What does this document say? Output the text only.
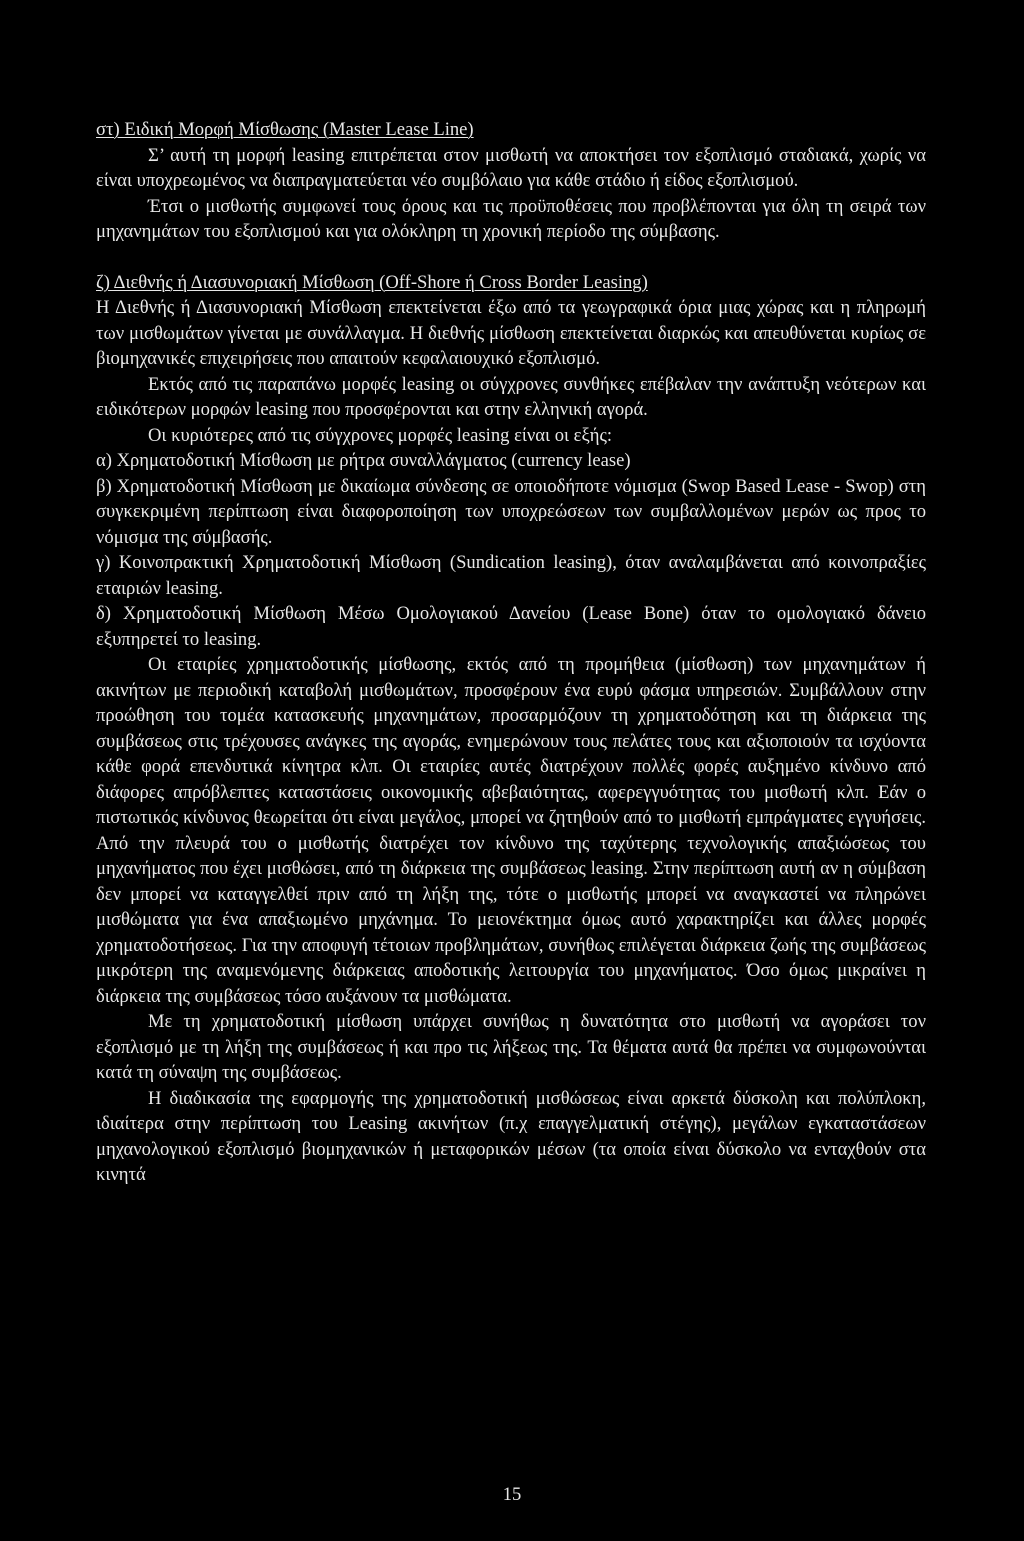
στ) Ειδική Μορφή Μίσθωσης (Master Lease Line)

Σ’ αυτή τη μορφή leasing επιτρέπεται στον μισθωτή να αποκτήσει τον εξοπλισμό σταδιακά, χωρίς να είναι υποχρεωμένος να διαπραγματεύεται νέο συμβόλαιο για κάθε στάδιο ή είδος εξοπλισμού.

Έτσι ο μισθωτής συμφωνεί τους όρους και τις προϋποθέσεις που προβλέπονται για όλη τη σειρά των μηχανημάτων του εξοπλισμού και για ολόκληρη τη χρονική περίοδο της σύμβασης.

ζ) Διεθνής ή Διασυνοριακή Μίσθωση (Off-Shore ή Cross Border Leasing)

Η Διεθνής ή Διασυνοριακή Μίσθωση επεκτείνεται έξω από τα γεωγραφικά όρια μιας χώρας και η πληρωμή των μισθωμάτων γίνεται με συνάλλαγμα. Η διεθνής μίσθωση επεκτείνεται διαρκώς και απευθύνεται κυρίως σε βιομηχανικές επιχειρήσεις που απαιτούν κεφαλαιουχικό εξοπλισμό.

Εκτός από τις παραπάνω μορφές leasing οι σύγχρονες συνθήκες επέβαλαν την ανάπτυξη νεότερων και ειδικότερων μορφών leasing που προσφέρονται και στην ελληνική αγορά.

Οι κυριότερες από τις σύγχρονες μορφές leasing είναι οι εξής:

α) Χρηματοδοτική Μίσθωση με ρήτρα συναλλάγματος (currency lease)

β) Χρηματοδοτική Μίσθωση με δικαίωμα σύνδεσης σε οποιοδήποτε νόμισμα (Swop Based Lease - Swop) στη συγκεκριμένη περίπτωση είναι διαφοροποίηση των υποχρεώσεων των συμβαλλομένων μερών ως προς το νόμισμα της σύμβασής.

γ) Κοινοπρακτική Χρηματοδοτική Μίσθωση (Sundication leasing), όταν αναλαμβάνεται από κοινοπραξίες εταιριών leasing.

δ) Χρηματοδοτική Μίσθωση Μέσω Ομολογιακού Δανείου (Lease Bone) όταν το ομολογιακό δάνειο εξυπηρετεί το leasing.

Οι εταιρίες χρηματοδοτικής μίσθωσης, εκτός από τη προμήθεια (μίσθωση) των μηχανημάτων ή ακινήτων με περιοδική καταβολή μισθωμάτων, προσφέρουν ένα ευρύ φάσμα υπηρεσιών. Συμβάλλουν στην προώθηση του τομέα κατασκευής μηχανημάτων, προσαρμόζουν τη χρηματοδότηση και τη διάρκεια της συμβάσεως στις τρέχουσες ανάγκες της αγοράς, ενημερώνουν τους πελάτες τους και αξιοποιούν τα ισχύοντα κάθε φορά επενδυτικά κίνητρα κλπ. Οι εταιρίες αυτές διατρέχουν πολλές φορές αυξημένο κίνδυνο από διάφορες απρόβλεπτες καταστάσεις οικονομικής αβεβαιότητας, αφερεγγυότητας του μισθωτή κλπ. Εάν ο πιστωτικός κίνδυνος θεωρείται ότι είναι μεγάλος, μπορεί να ζητηθούν από το μισθωτή εμπράγματες εγγυήσεις. Από την πλευρά του ο μισθωτής διατρέχει τον κίνδυνο της ταχύτερης τεχνολογικής απαξιώσεως του μηχανήματος που έχει μισθώσει, από τη διάρκεια της συμβάσεως leasing. Στην περίπτωση αυτή αν η σύμβαση δεν μπορεί να καταγγελθεί πριν από τη λήξη της, τότε ο μισθωτής μπορεί να αναγκαστεί να πληρώνει μισθώματα για ένα απαξιωμένο μηχάνημα. Το μειονέκτημα όμως αυτό χαρακτηρίζει και άλλες μορφές χρηματοδοτήσεως. Για την αποφυγή τέτοιων προβλημάτων, συνήθως επιλέγεται διάρκεια ζωής της συμβάσεως μικρότερη της αναμενόμενης διάρκειας αποδοτικής λειτουργία του μηχανήματος. Όσο όμως μικραίνει η διάρκεια της συμβάσεως τόσο αυξάνουν τα μισθώματα.

Με τη χρηματοδοτική μίσθωση υπάρχει συνήθως η δυνατότητα στο μισθωτή να αγοράσει τον εξοπλισμό με τη λήξη της συμβάσεως ή και προ τις λήξεως της. Τα θέματα αυτά θα πρέπει να συμφωνούνται κατά τη σύναψη της συμβάσεως.

Η διαδικασία της εφαρμογής της χρηματοδοτική μισθώσεως είναι αρκετά δύσκολη και πολύπλοκη, ιδιαίτερα στην περίπτωση του Leasing ακινήτων (π.χ επαγγελματική στέγης), μεγάλων εγκαταστάσεων μηχανολογικού εξοπλισμό βιομηχανικών ή μεταφορικών μέσων (τα οποία είναι δύσκολο να ενταχθούν στα κινητά

15
